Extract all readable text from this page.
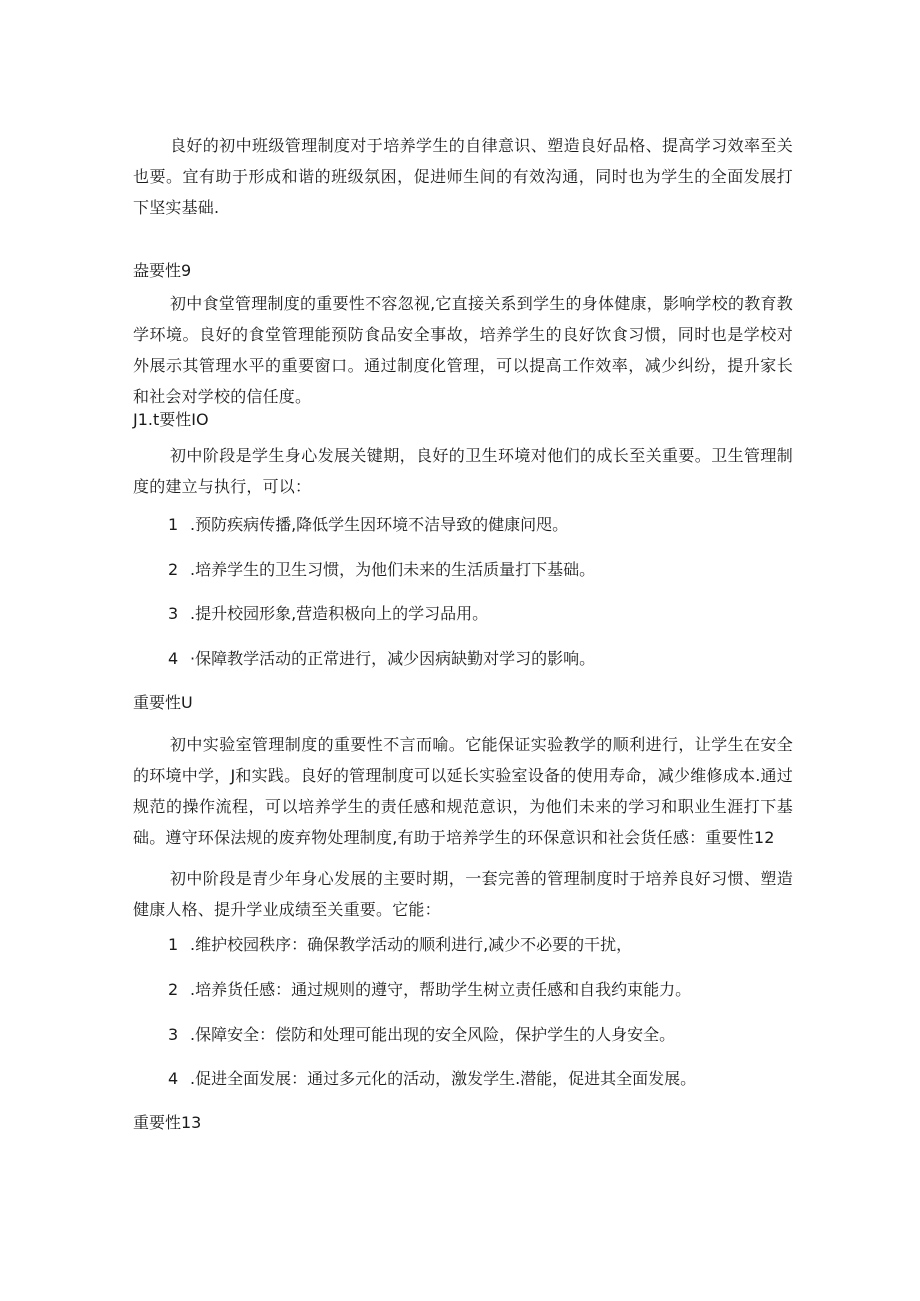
良好的初中班级管理制度对于培养学生的自律意识、塑造良好品格、提高学习效率至关也要。宜有助于形成和谐的班级氛困，促进师生间的有效沟通，同时也为学生的全面发展打下坚实基础.

盎要性9

初中食堂管理制度的重要性不容忽视,它直接关系到学生的身体健康，影响学校的教育教学环境。良好的食堂管理能预防食品安全事故，培养学生的良好饮食习惯，同时也是学校对外展示其管理水平的重要窗口。通过制度化管理，可以提高工作效率，减少纠纷，提升家长和社会对学校的信任度。

J1.t要性IO

初中阶段是学生身心发展关键期，良好的卫生环境对他们的成长至关重要。卫生管理制度的建立与执行，可以：

1 .预防疾病传播,降低学生因环境不洁导致的健康问咫。

2 .培养学生的卫生习惯，为他们未来的生活质量打下基础。

3 .提升校园形象,营造积极向上的学习品用。

4 ·保障教学活动的正常进行，减少因病缺勤对学习的影响。

重要性U

初中实验室管理制度的重要性不言而喻。它能保证实验教学的顺利进行，让学生在安全的环境中学，J和实践。良好的管理制度可以延长实验室设备的使用寿命，减少维修成本.通过规范的操作流程，可以培养学生的责任感和规范意识，为他们未来的学习和职业生涯打下基础。遵守环保法规的废弃物处理制度,有助于培养学生的环保意识和社会货任感：重要性12

初中阶段是青少年身心发展的主要时期，一套完善的管理制度时于培养良好习惯、塑造健康人格、提升学业成绩至关重要。它能：

1 .维护校园秩序：确保教学活动的顺利进行,减少不必要的干扰，

2 .培养货任感：通过规则的遵守，帮助学生树立责任感和自我约束能力。

3 .保障安全：偿防和处理可能出现的安全风险，保护学生的人身安全。

4 .促进全面发展：通过多元化的活动，激发学生.潜能，促进其全面发展。

重要性13
